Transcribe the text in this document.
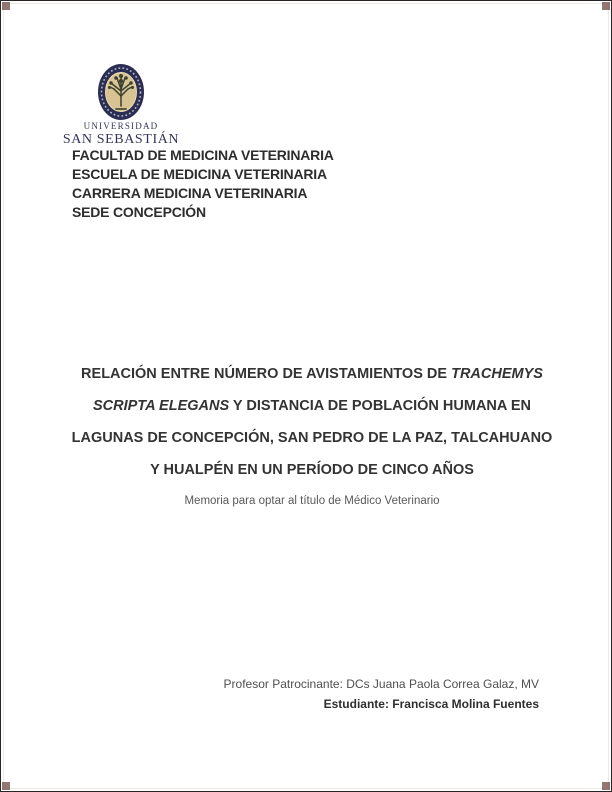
UNIVERSIDAD
SAN SEBASTIÁN
FACULTAD DE MEDICINA VETERINARIA
ESCUELA DE MEDICINA VETERINARIA
CARRERA MEDICINA VETERINARIA
SEDE CONCEPCIÓN
RELACIÓN ENTRE NÚMERO DE AVISTAMIENTOS DE TRACHEMYS
SCRIPTA ELEGANS Y DISTANCIA DE POBLACIÓN HUMANA EN
LAGUNAS DE CONCEPCIÓN, SAN PEDRO DE LA PAZ, TALCAHUANO
Y HUALPÉN EN UN PERÍODO DE CINCO AÑOS
Memoria para optar al título de Médico Veterinario
Profesor Patrocinante: DCs Juana Paola Correa Galaz, MV
Estudiante: Francisca Molina Fuentes
